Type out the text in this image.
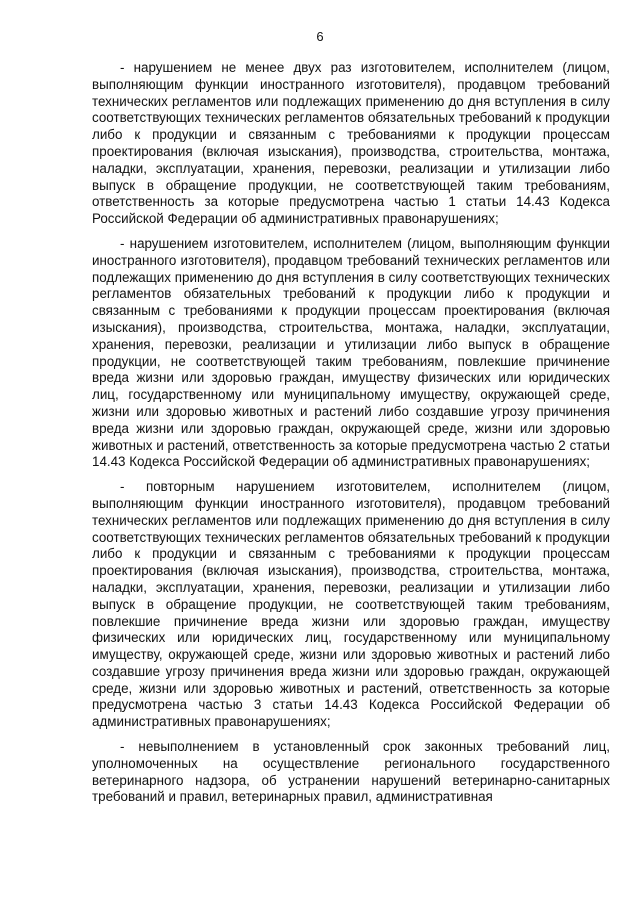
6

- нарушением не менее двух раз изготовителем, исполнителем (лицом, выполняющим функции иностранного изготовителя), продавцом требований технических регламентов или подлежащих применению до дня вступления в силу соответствующих технических регламентов обязательных требований к продукции либо к продукции и связанным с требованиями к продукции процессам проектирования (включая изыскания), производства, строительства, монтажа, наладки, эксплуатации, хранения, перевозки, реализации и утилизации либо выпуск в обращение продукции, не соответствующей таким требованиям, ответственность за которые предусмотрена частью 1 статьи 14.43 Кодекса Российской Федерации об административных правонарушениях;

- нарушением изготовителем, исполнителем (лицом, выполняющим функции иностранного изготовителя), продавцом требований технических регламентов или подлежащих применению до дня вступления в силу соответствующих технических регламентов обязательных требований к продукции либо к продукции и связанным с требованиями к продукции процессам проектирования (включая изыскания), производства, строительства, монтажа, наладки, эксплуатации, хранения, перевозки, реализации и утилизации либо выпуск в обращение продукции, не соответствующей таким требованиям, повлекшие причинение вреда жизни или здоровью граждан, имуществу физических или юридических лиц, государственному или муниципальному имуществу, окружающей среде, жизни или здоровью животных и растений либо создавшие угрозу причинения вреда жизни или здоровью граждан, окружающей среде, жизни или здоровью животных и растений, ответственность за которые предусмотрена частью 2 статьи 14.43 Кодекса Российской Федерации об административных правонарушениях;

- повторным нарушением изготовителем, исполнителем (лицом, выполняющим функции иностранного изготовителя), продавцом требований технических регламентов или подлежащих применению до дня вступления в силу соответствующих технических регламентов обязательных требований к продукции либо к продукции и связанным с требованиями к продукции процессам проектирования (включая изыскания), производства, строительства, монтажа, наладки, эксплуатации, хранения, перевозки, реализации и утилизации либо выпуск в обращение продукции, не соответствующей таким требованиям, повлекшие причинение вреда жизни или здоровью граждан, имуществу физических или юридических лиц, государственному или муниципальному имуществу, окружающей среде, жизни или здоровью животных и растений либо создавшие угрозу причинения вреда жизни или здоровью граждан, окружающей среде, жизни или здоровью животных и растений, ответственность за которые предусмотрена частью 3 статьи 14.43 Кодекса Российской Федерации об административных правонарушениях;

- невыполнением в установленный срок законных требований лиц, уполномоченных на осуществление регионального государственного ветеринарного надзора, об устранении нарушений ветеринарно-санитарных требований и правил, ветеринарных правил, административная
